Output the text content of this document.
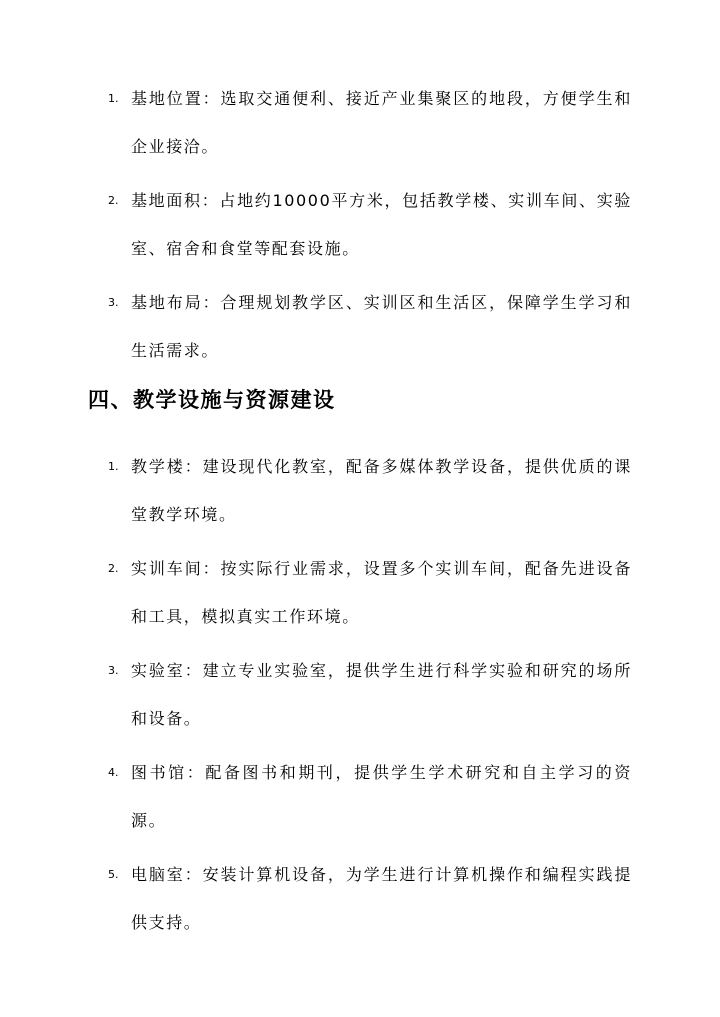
1. 基地位置：选取交通便利、接近产业集聚区的地段，方便学生和企业接洽。
2. 基地面积：占地约10000平方米，包括教学楼、实训车间、实验室、宿舍和食堂等配套设施。
3. 基地布局：合理规划教学区、实训区和生活区，保障学生学习和生活需求。
四、教学设施与资源建设
1. 教学楼：建设现代化教室，配备多媒体教学设备，提供优质的课堂教学环境。
2. 实训车间：按实际行业需求，设置多个实训车间，配备先进设备和工具，模拟真实工作环境。
3. 实验室：建立专业实验室，提供学生进行科学实验和研究的场所和设备。
4. 图书馆：配备图书和期刊，提供学生学术研究和自主学习的资源。
5. 电脑室：安装计算机设备，为学生进行计算机操作和编程实践提供支持。
